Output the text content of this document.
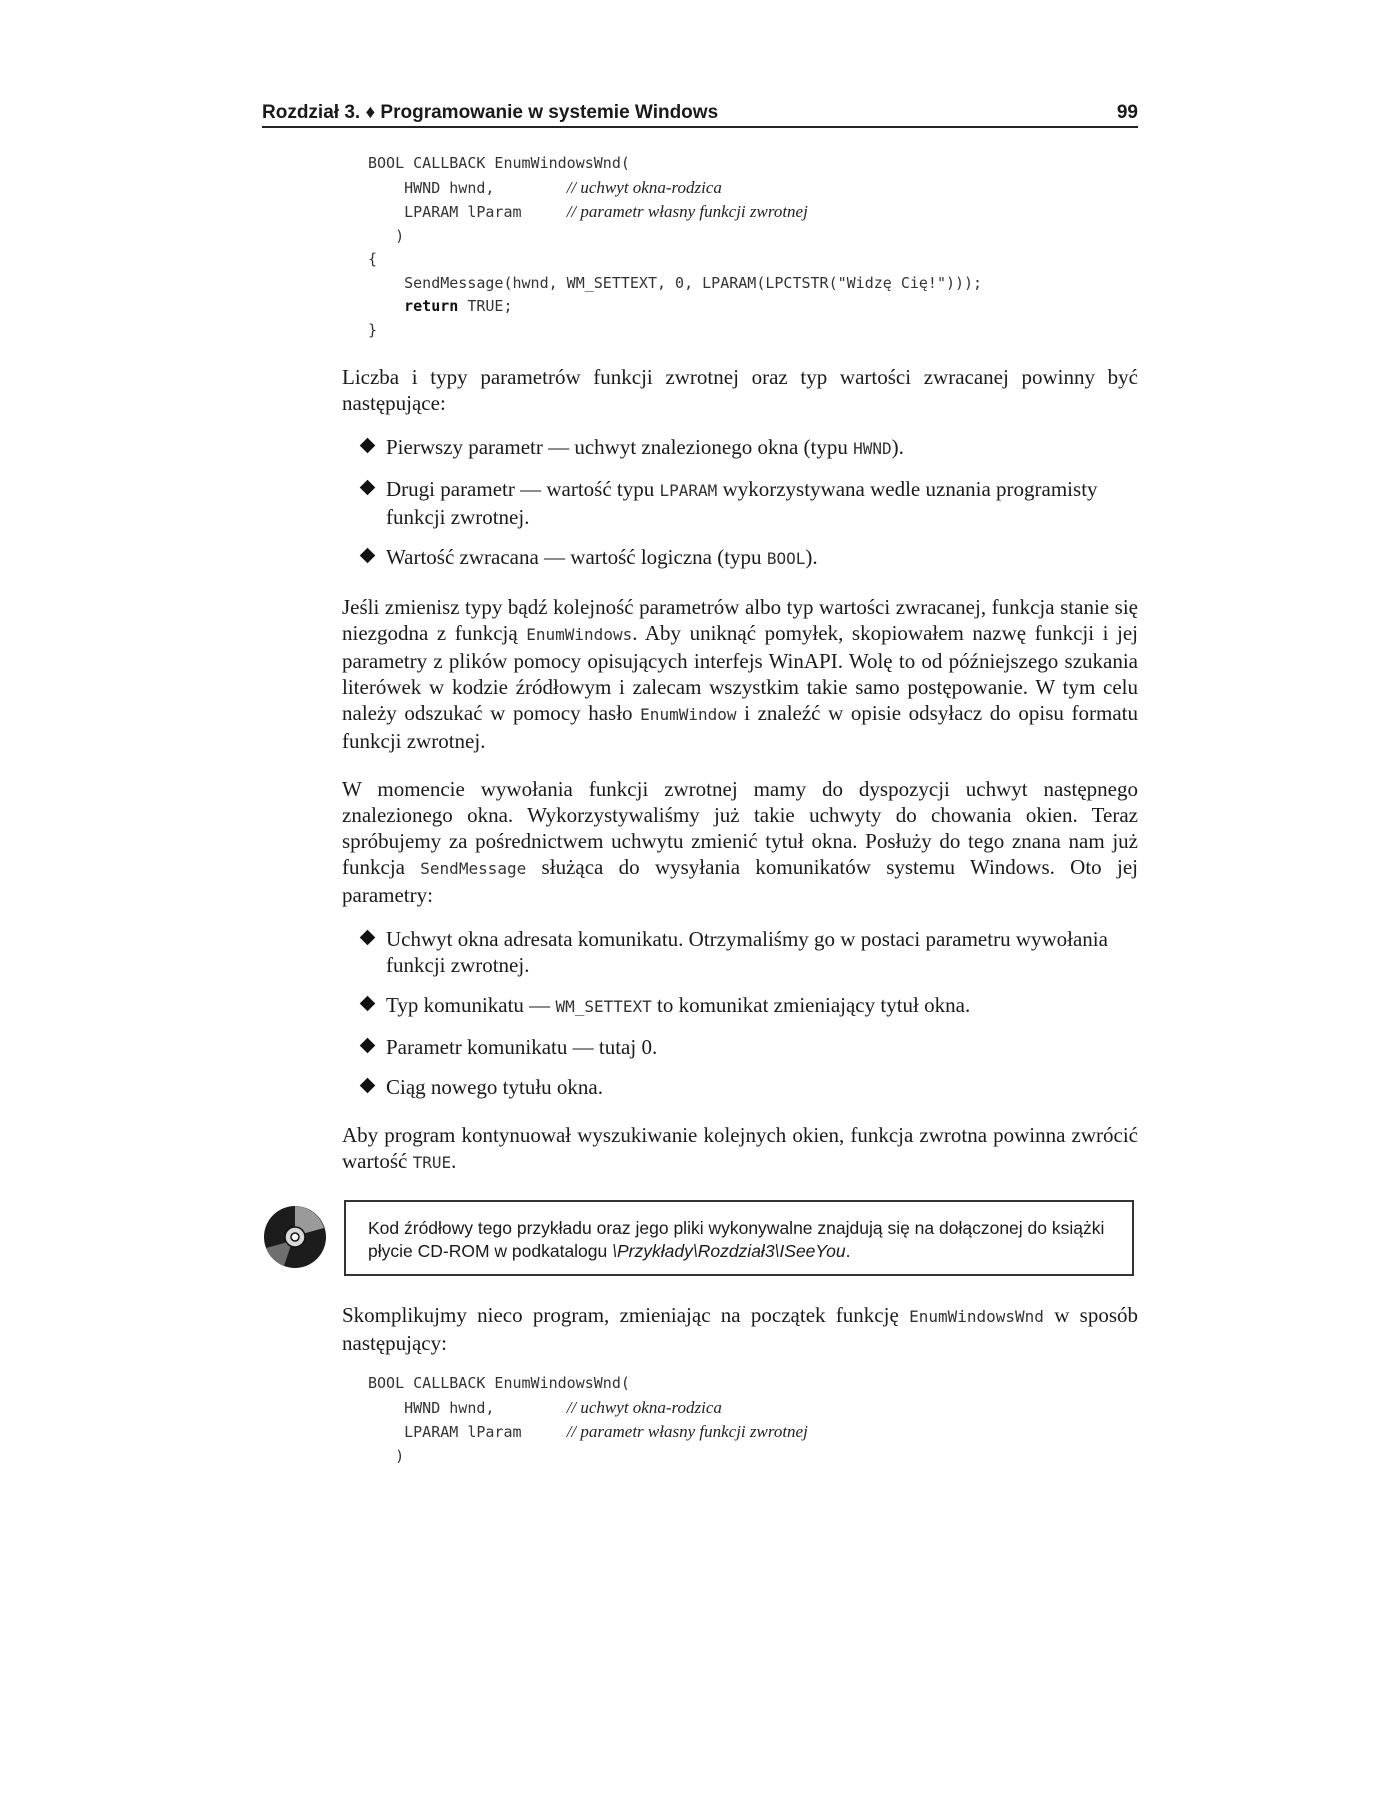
Rozdział 3. ♦ Programowanie w systemie Windows	99
BOOL CALLBACK EnumWindowsWnd(
HWND hwnd,        // uchwyt okna-rodzica
LPARAM lParam     // parametr własny funkcji zwrotnej
)
{
SendMessage(hwnd, WM_SETTEXT, 0, LPARAM(LPCTSTR("Widzę Cię!")));
return TRUE;
}

Liczba i typy parametrów funkcji zwrotnej oraz typ wartości zwracanej powinny być następujące:

Pierwszy parametr — uchwyt znalezionego okna (typu HWND).
Drugi parametr — wartość typu LPARAM wykorzystywana wedle uznania programisty funkcji zwrotnej.
Wartość zwracana — wartość logiczna (typu BOOL).

Jeśli zmienisz typy bądź kolejność parametrów albo typ wartości zwracanej, funkcja stanie się niezgodna z funkcją EnumWindows. Aby uniknąć pomyłek, skopiowałem nazwę funkcji i jej parametry z plików pomocy opisujących interfejs WinAPI. Wolę to od późniejszego szukania literówek w kodzie źródłowym i zalecam wszystkim takie samo postępowanie. W tym celu należy odszukać w pomocy hasło EnumWindow i znaleźć w opisie odsyłacz do opisu formatu funkcji zwrotnej.

W momencie wywołania funkcji zwrotnej mamy do dyspozycji uchwyt następnego znalezionego okna. Wykorzystywaliśmy już takie uchwyty do chowania okien. Teraz spróbujemy za pośrednictwem uchwytu zmienić tytuł okna. Posłuży do tego znana nam już funkcja SendMessage służąca do wysyłania komunikatów systemu Windows. Oto jej parametry:

Uchwyt okna adresata komunikatu. Otrzymaliśmy go w postaci parametru wywołania funkcji zwrotnej.
Typ komunikatu — WM_SETTEXT to komunikat zmieniający tytuł okna.
Parametr komunikatu — tutaj 0.
Ciąg nowego tytułu okna.

Aby program kontynuował wyszukiwanie kolejnych okien, funkcja zwrotna powinna zwrócić wartość TRUE.

Kod źródłowy tego przykładu oraz jego pliki wykonywalne znajdują się na dołączonej do książki płycie CD-ROM w podkatalogu \Przykłady\Rozdział3\ISeeYou.

Skomplikujmy nieco program, zmieniając na początek funkcję EnumWindowsWnd w sposób następujący:

BOOL CALLBACK EnumWindowsWnd(
HWND hwnd,        // uchwyt okna-rodzica
LPARAM lParam     // parametr własny funkcji zwrotnej
)
